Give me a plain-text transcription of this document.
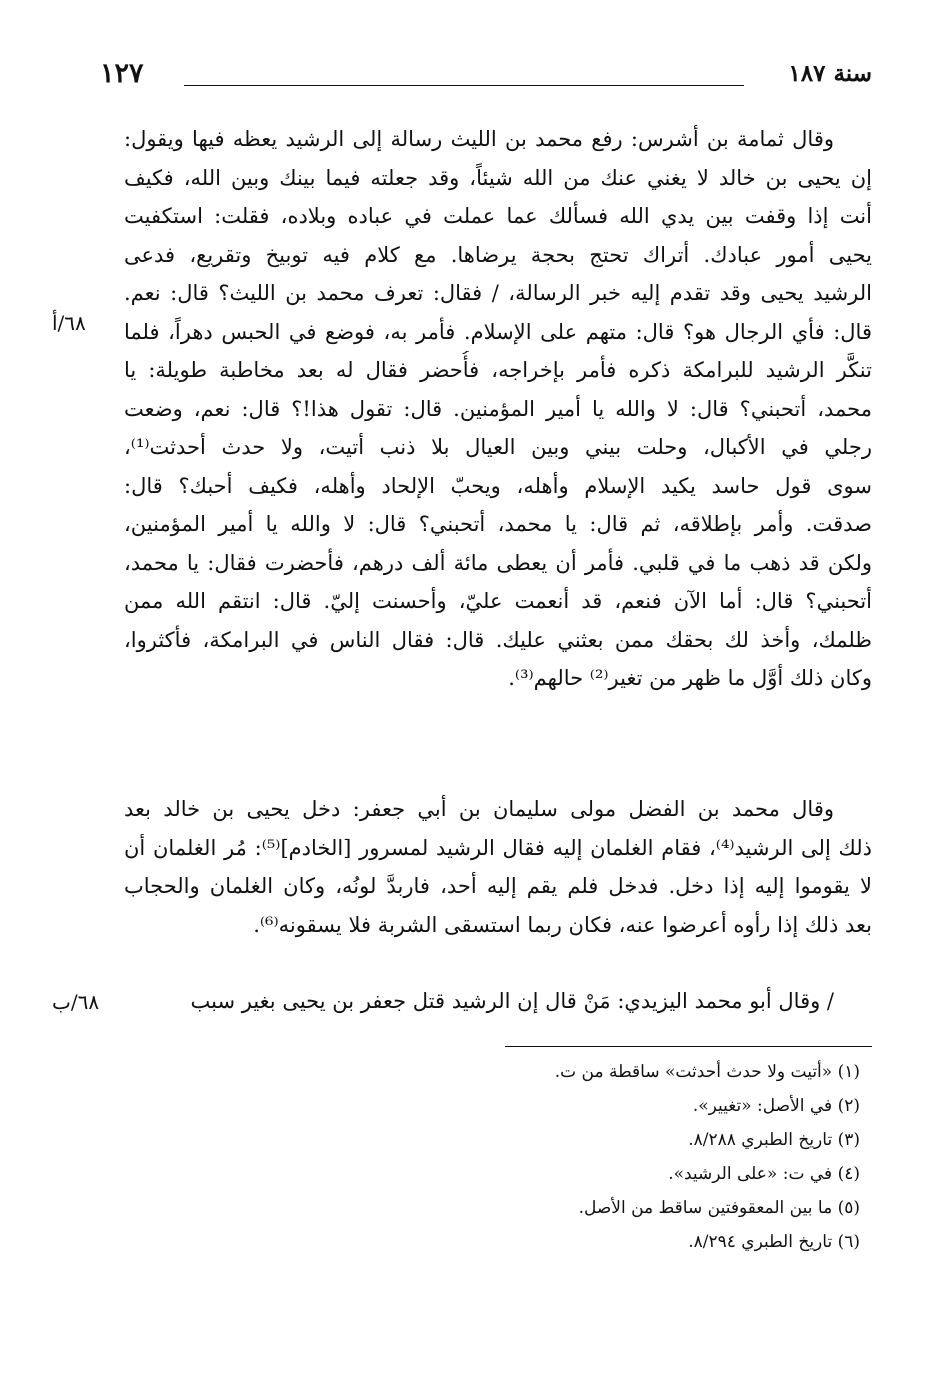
سنة ١٨٧
١٢٧
وقال ثمامة بن أشرس: رفع محمد بن الليث رسالة إلى الرشيد يعظه فيها ويقول:
إن يحيى بن خالد لا يغني عنك من الله شيئاً، وقد جعلته فيما بينك وبين الله، فكيف
أنت إذا وقفت بين يدي الله فسألك عما عملت في عباده وبلاده، فقلت: استكفيت
يحيى أمور عبادك. أتراك تحتج بحجة يرضاها. مع كلام فيه توبيخ وتقريع، فدعى
الرشيد يحيى وقد تقدم إليه خبر الرسالة، / فقال: تعرف محمد بن الليث؟ قال: نعم.
قال: فأي الرجال هو؟ قال: متهم على الإسلام. فأمر به، فوضع في الحبس دهراً، فلما
تنكَّر الرشيد للبرامكة ذكره فأمر بإخراجه، فأُحضر فقال له بعد مخاطبة طويلة: يا
محمد، أتحبني؟ قال: لا والله يا أمير المؤمنين. قال: تقول هذا!؟ قال: نعم، وضعت
رجلي في الأكبال، وحلت بيني وبين العيال بلا ذنب أتيت، ولا حدث أحدثت⁽¹⁾،
سوى قول حاسد يكيد الإسلام وأهله، ويحبّ الإلحاد وأهله، فكيف أحبك؟ قال:
صدقت. وأمر بإطلاقه، ثم قال: يا محمد، أتحبني؟ قال: لا والله يا أمير المؤمنين،
ولكن قد ذهب ما في قلبي. فأمر أن يعطى مائة ألف درهم، فأحضرت فقال: يا محمد،
أتحبني؟ قال: أما الآن فنعم، قد أنعمت عليّ، وأحسنت إليّ. قال: انتقم الله ممن
ظلمك، وأخذ لك بحقك ممن بعثني عليك. قال: فقال الناس في البرامكة، فأكثروا،
وكان ذلك أوَّل ما ظهر من تغير⁽²⁾ حالهم⁽³⁾.
٦٨/أ
وقال محمد بن الفضل مولى سليمان بن أبي جعفر: دخل يحيى بن خالد بعد
ذلك إلى الرشيد⁽⁴⁾، فقام الغلمان إليه فقال الرشيد لمسرور [الخادم]⁽⁵⁾: مُر الغلمان أن
لا يقوموا إليه إذا دخل. فدخل فلم يقم إليه أحد، فاربدَّ لونُه، وكان الغلمان والحجاب
بعد ذلك إذا رأوه أعرضوا عنه، فكان ربما استسقى الشربة فلا يسقونه⁽⁶⁾.
/ وقال أبو محمد اليزيدي: مَنْ قال إن الرشيد قتل جعفر بن يحيى بغير سبب
٦٨/ب
(١) «أتيت ولا حدث أحدثت» ساقطة من ت.
(٢) في الأصل: «تغيير».
(٣) تاريخ الطبري ٨/٢٨٨.
(٤) في ت: «على الرشيد».
(٥) ما بين المعقوفتين ساقط من الأصل.
(٦) تاريخ الطبري ٨/٢٩٤.
